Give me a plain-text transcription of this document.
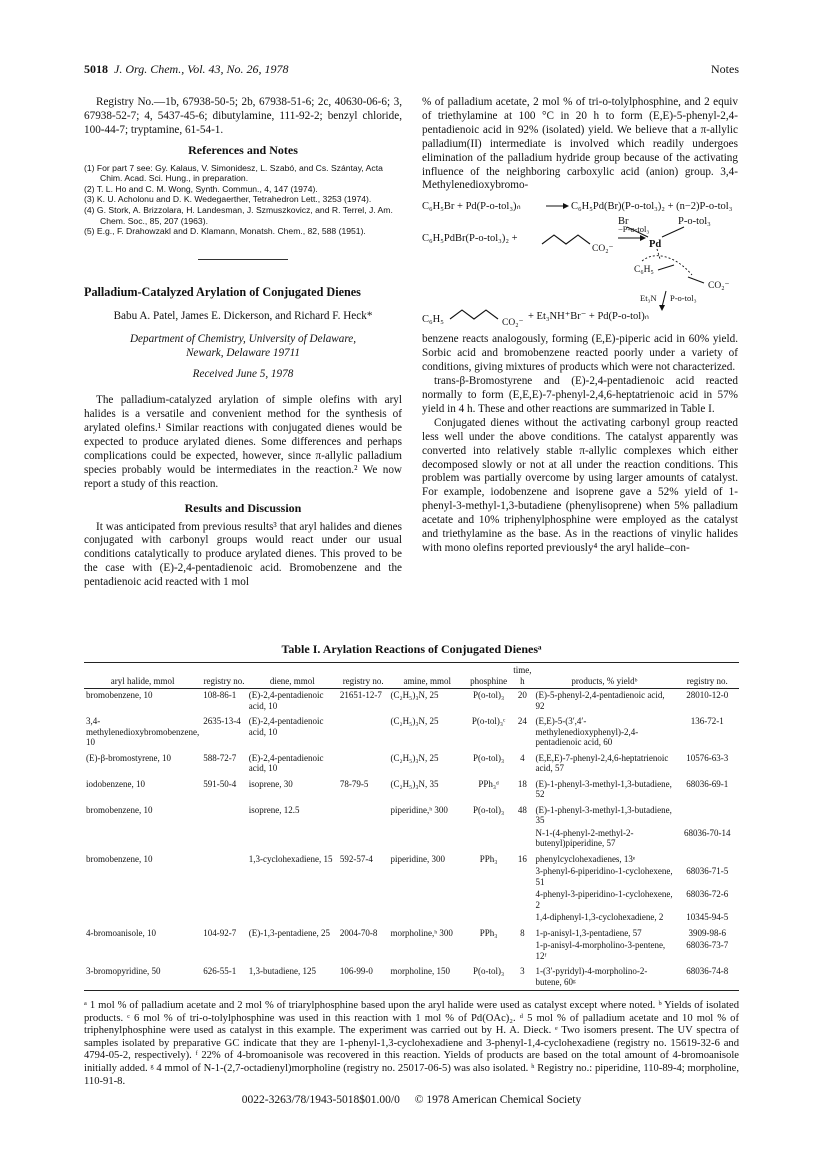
5018 J. Org. Chem., Vol. 43, No. 26, 1978	Notes

Registry No.—1b, 67938-50-5; 2b, 67938-51-6; 2c, 40630-06-6; 3, 67938-52-7; 4, 5437-45-6; dibutylamine, 111-92-2; benzyl chloride, 100-44-7; tryptamine, 61-54-1.

References and Notes
(1) For part 7 see: Gy. Kalaus, V. Simonidesz, L. Szabó, and Cs. Szántay, Acta Chim. Acad. Sci. Hung., in preparation.
(2) T. L. Ho and C. M. Wong, Synth. Commun., 4, 147 (1974).
(3) K. U. Acholonu and D. K. Wedegaerther, Tetrahedron Lett., 3253 (1974).
(4) G. Stork, A. Brizzolara, H. Landesman, J. Szmuszkovicz, and R. Terrel, J. Am. Chem. Soc., 85, 207 (1963).
(5) E.g., F. Drahowzakl and D. Klamann, Monatsh. Chem., 82, 588 (1951).
Palladium-Catalyzed Arylation of Conjugated Dienes
Babu A. Patel, James E. Dickerson, and Richard F. Heck*
Department of Chemistry, University of Delaware,
Newark, Delaware 19711
Received June 5, 1978

The palladium-catalyzed arylation of simple olefins with aryl halides is a versatile and convenient method for the synthesis of arylated olefins.¹ Similar reactions with conjugated dienes would be expected to produce arylated dienes. Some differences and perhaps complications could be expected, however, since π-allylic palladium species probably would be intermediates in the reaction.² We now report a study of this reaction.

Results and Discussion

It was anticipated from previous results³ that aryl halides and dienes conjugated with carbonyl groups would react under our usual conditions catalytically to produce arylated dienes. This proved to be the case with (E)-2,4-pentadienoic acid. Bromobenzene and the pentadienoic acid reacted with 1 mol

% of palladium acetate, 2 mol % of tri-o-tolylphosphine, and 2 equiv of triethylamine at 100 °C in 20 h to form (E,E)-5-phenyl-2,4-pentadienoic acid in 92% (isolated) yield. We believe that a π-allylic palladium(II) intermediate is involved which readily undergoes elimination of the palladium hydride group because of the activating influence of the neighboring carboxylic acid (anion) group. 3,4-Methylenedioxybromo-

C₆H₅Br + Pd(P-o-tol₃)ₙ	C₆H₅Pd(Br)(P-o-tol₃)₂ + (n−2)P-o-tol₃
Br	P-o-tol₃
C₆H₅PdBr(P-o-tol₃)₂ +
CO₂⁻
−P-o-tol₃
Pd
C₆H₅
CO₂⁻
Et₃N P-o-tol₃
C₆H₅	CO₂⁻
+ Et₃NH⁺Br⁻ + Pd(P-o-tol)ₙ

benzene reacts analogously, forming (E,E)-piperic acid in 60% yield. Sorbic acid and bromobenzene reacted poorly under a variety of conditions, giving mixtures of products which were not characterized.

trans-β-Bromostyrene and (E)-2,4-pentadienoic acid reacted normally to form (E,E,E)-7-phenyl-2,4,6-heptatrienoic acid in 57% yield in 4 h. These and other reactions are summarized in Table I.

Conjugated dienes without the activating carbonyl group reacted less well under the above conditions. The catalyst apparently was converted into relatively stable π-allylic complexes which either decomposed slowly or not at all under the reaction conditions. This problem was partially overcome by using larger amounts of catalyst. For example, iodobenzene and isoprene gave a 52% yield of 1-phenyl-3-methyl-1,3-butadiene (phenylisoprene) when 5% palladium acetate and 10% triphenylphosphine were employed as the catalyst and triethylamine as the base. As in the reactions of vinylic halides with mono olefins reported previously⁴ the aryl halide–con-

Table I. Arylation Reactions of Conjugated Dienesᵃ
aryl halide, mmol	registry no.	diene, mmol	registry no.	amine, mmol	phosphine	time, h	products, % yieldᵇ	registry no.
bromobenzene, 10	108-86-1	(E)-2,4-pentadienoic acid, 10	21651-12-7	(C₂H₅)₃N, 25	P(o-tol)₃	20	(E)-5-phenyl-2,4-pentadienoic acid, 92	28010-12-0
3,4-methylenedioxybromobenzene, 10	2635-13-4	(E)-2,4-pentadienoic acid, 10		(C₂H₅)₃N, 25	P(o-tol)₃ᶜ	24	(E,E)-5-(3′,4′-methylenedioxyphenyl)-2,4-pentadienoic acid, 60	136-72-1
(E)-β-bromostyrene, 10	588-72-7	(E)-2,4-pentadienoic acid, 10		(C₂H₅)₃N, 25	P(o-tol)₃	4	(E,E,E)-7-phenyl-2,4,6-heptatrienoic acid, 57	10576-63-3
iodobenzene, 10	591-50-4	isoprene, 30	78-79-5	(C₂H₅)₃N, 35	PPh₃ᵈ	18	(E)-1-phenyl-3-methyl-1,3-butadiene, 52	68036-69-1
bromobenzene, 10		isoprene, 12.5		piperidine,ʰ 300	P(o-tol)₃	48	(E)-1-phenyl-3-methyl-1,3-butadiene, 35	
							N-1-(4-phenyl-2-methyl-2-butenyl)piperidine, 57	68036-70-14
bromobenzene, 10		1,3-cyclohexadiene, 15	592-57-4	piperidine, 300	PPh₃	16	phenylcyclohexadienes, 13ᵉ	
							3-phenyl-6-piperidino-1-cyclohexene, 51	68036-71-5
							4-phenyl-3-piperidino-1-cyclohexene, 2	68036-72-6
							1,4-diphenyl-1,3-cyclohexadiene, 2	10345-94-5
4-bromoanisole, 10	104-92-7	(E)-1,3-pentadiene, 25	2004-70-8	morpholine,ʰ 300	PPh₃	8	1-p-anisyl-1,3-pentadiene, 57	3909-98-6
							1-p-anisyl-4-morpholino-3-pentene, 12ᶠ	68036-73-7
3-bromopyridine, 50	626-55-1	1,3-butadiene, 125	106-99-0	morpholine, 150	P(o-tol)₃	3	1-(3′-pyridyl)-4-morpholino-2-butene, 60ᵍ	68036-74-8
ᵃ 1 mol % of palladium acetate and 2 mol % of triarylphosphine based upon the aryl halide were used as catalyst except where noted. ᵇ Yields of isolated products. ᶜ 6 mol % of tri-o-tolylphosphine was used in this reaction with 1 mol % of Pd(OAc)₂. ᵈ 5 mol % of palladium acetate and 10 mol % of triphenylphosphine were used as catalyst in this example. The experiment was carried out by H. A. Dieck. ᵉ Two isomers present. The UV spectra of samples isolated by preparative GC indicate that they are 1-phenyl-1,3-cyclohexadiene and 3-phenyl-1,4-cyclohexadiene (registry no. 15619-32-6 and 4794-05-2, respectively). ᶠ 22% of 4-bromoanisole was recovered in this reaction. Yields of products are based on the total amount of 4-bromoanisole initially added. ᵍ 4 mmol of N-1-(2,7-octadienyl)morpholine (registry no. 25017-06-5) was also isolated. ʰ Registry no.: piperidine, 110-89-4; morpholine, 110-91-8.
0022-3263/78/1943-5018$01.00/0 © 1978 American Chemical Society
